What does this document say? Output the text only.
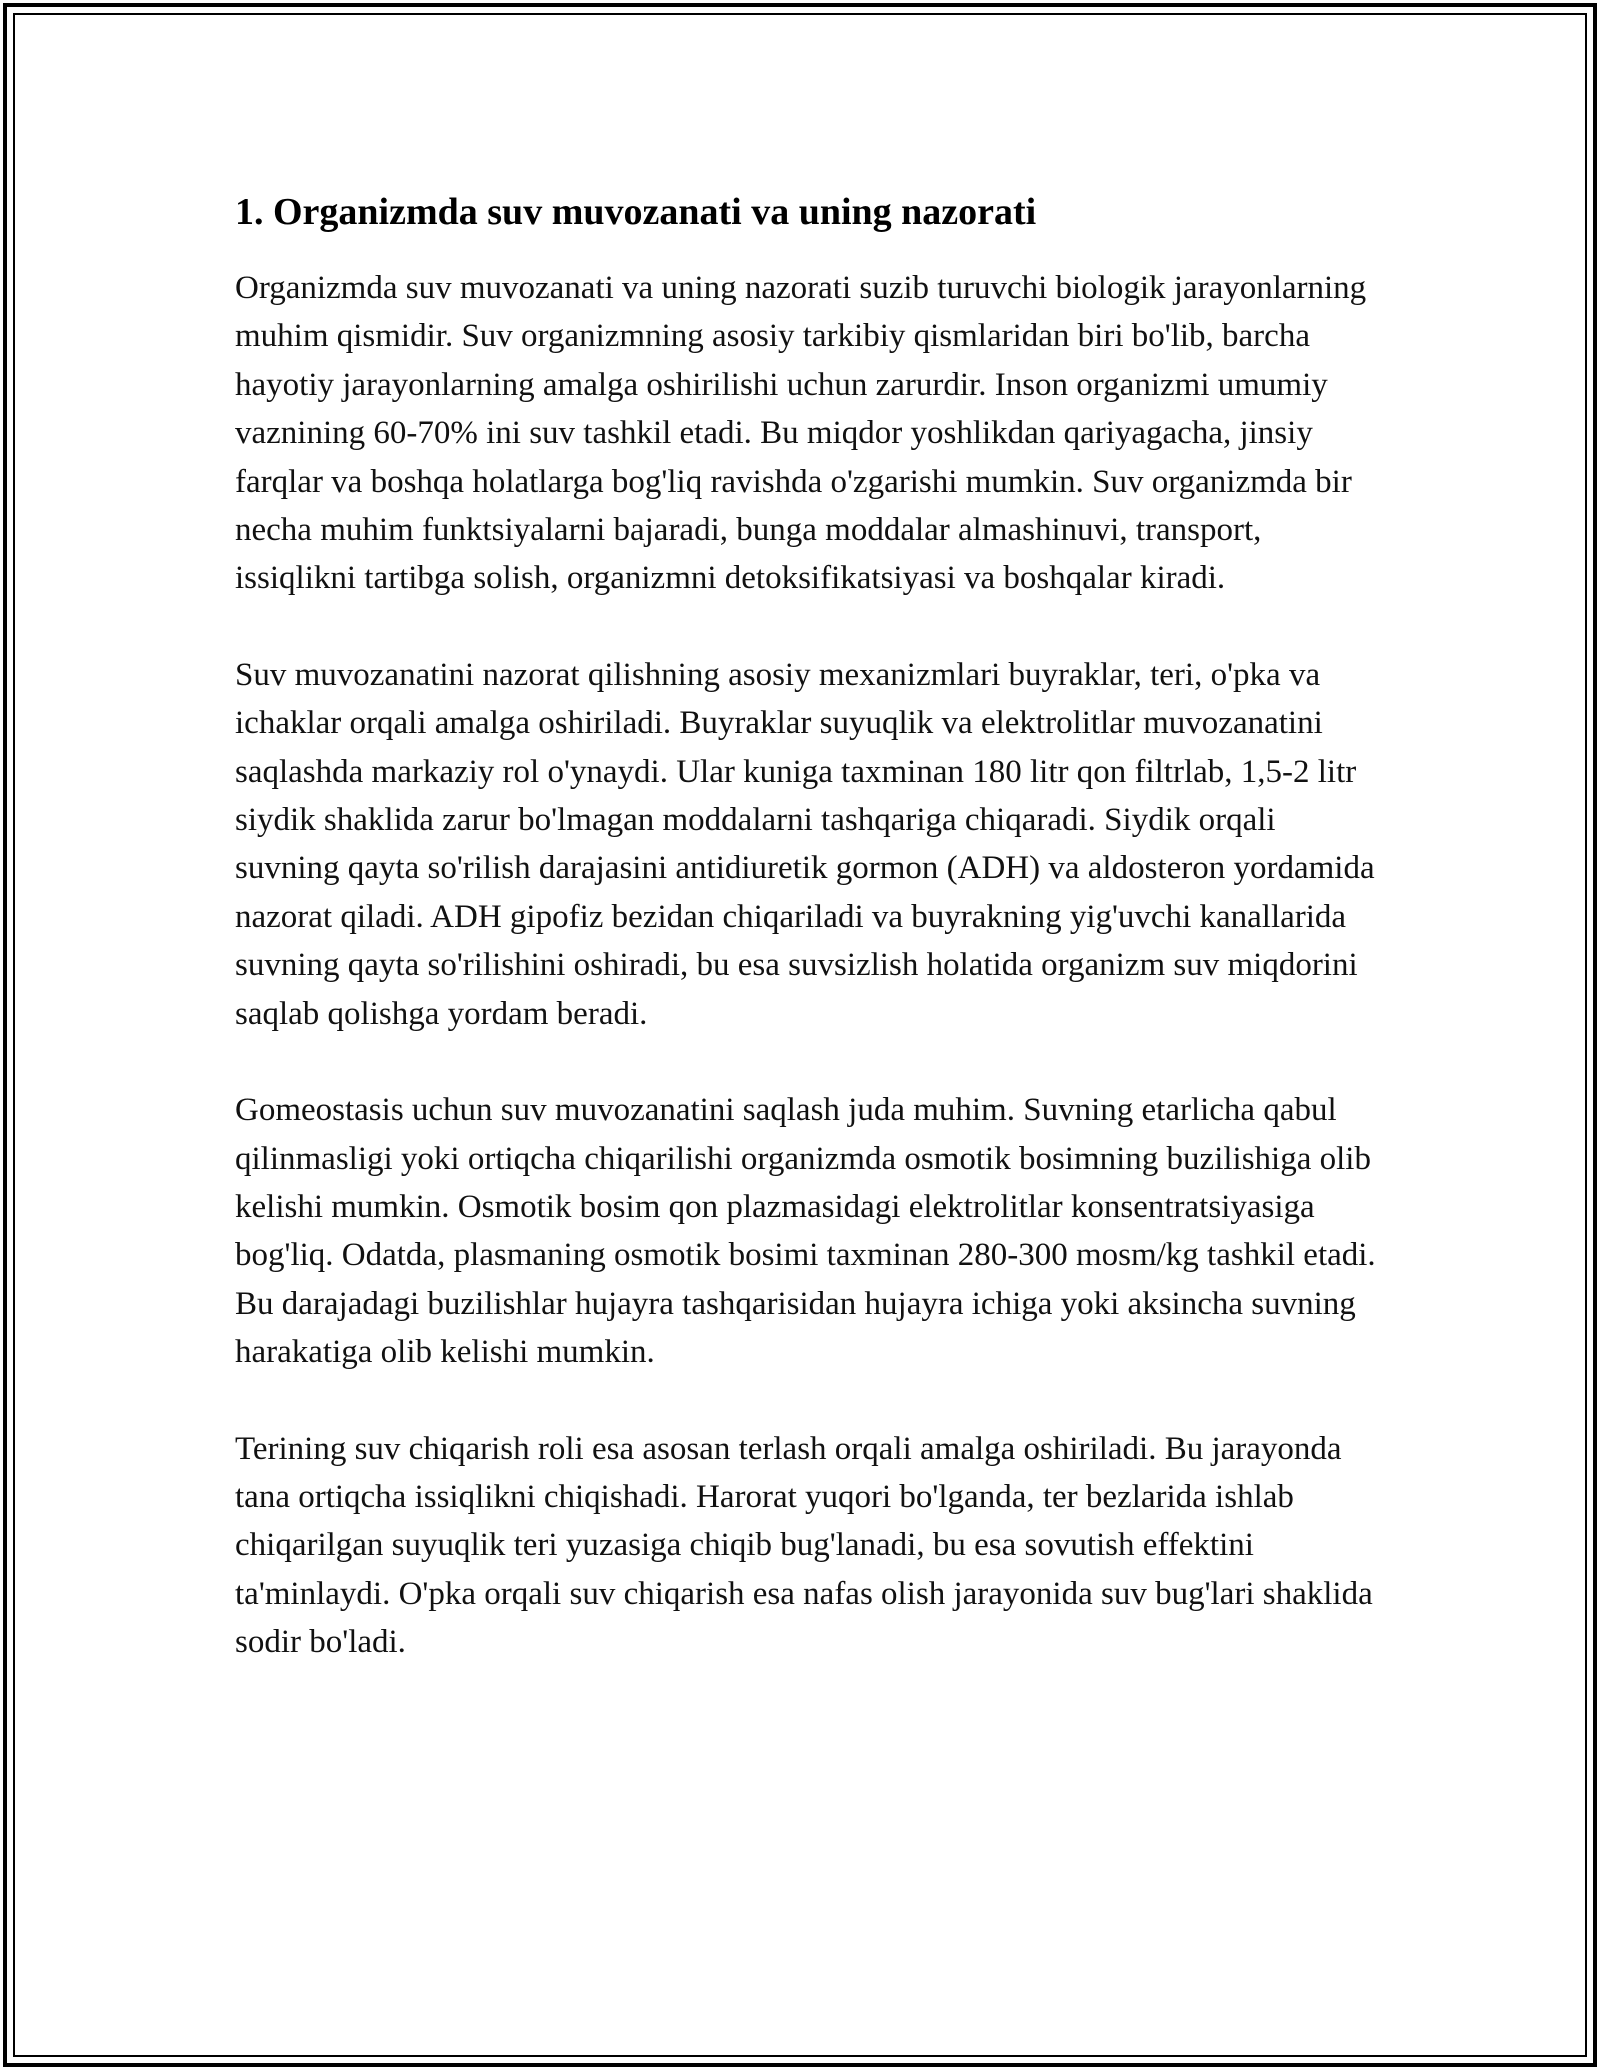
1. Organizmda suv muvozanati va uning nazorati

Organizmda suv muvozanati va uning nazorati suzib turuvchi biologik jarayonlarning muhim qismidir. Suv organizmning asosiy tarkibiy qismlaridan biri bo'lib, barcha hayotiy jarayonlarning amalga oshirilishi uchun zarurdir. Inson organizmi umumiy vaznining 60-70% ini suv tashkil etadi. Bu miqdor yoshlikdan qariyagacha, jinsiy farqlar va boshqa holatlarga bog'liq ravishda o'zgarishi mumkin. Suv organizmda bir necha muhim funktsiyalarni bajaradi, bunga moddalar almashinuvi, transport, issiqlikni tartibga solish, organizmni detoksifikatsiyasi va boshqalar kiradi.

Suv muvozanatini nazorat qilishning asosiy mexanizmlari buyraklar, teri, o'pka va ichaklar orqali amalga oshiriladi. Buyraklar suyuqlik va elektrolitlar muvozanatini saqlashda markaziy rol o'ynaydi. Ular kuniga taxminan 180 litr qon filtrlab, 1,5-2 litr siydik shaklida zarur bo'lmagan moddalarni tashqariga chiqaradi. Siydik orqali suvning qayta so'rilish darajasini antidiuretik gormon (ADH) va aldosteron yordamida nazorat qiladi. ADH gipofiz bezidan chiqariladi va buyrakning yig'uvchi kanallarida suvning qayta so'rilishini oshiradi, bu esa suvsizlish holatida organizm suv miqdorini saqlab qolishga yordam beradi.

Gomeostasis uchun suv muvozanatini saqlash juda muhim. Suvning etarlicha qabul qilinmasligi yoki ortiqcha chiqarilishi organizmda osmotik bosimning buzilishiga olib kelishi mumkin. Osmotik bosim qon plazmasidagi elektrolitlar konsentratsiyasiga bog'liq. Odatda, plasmaning osmotik bosimi taxminan 280-300 mosm/kg tashkil etadi. Bu darajadagi buzilishlar hujayra tashqarisidan hujayra ichiga yoki aksincha suvning harakatiga olib kelishi mumkin.

Terining suv chiqarish roli esa asosan terlash orqali amalga oshiriladi. Bu jarayonda tana ortiqcha issiqlikni chiqishadi. Harorat yuqori bo'lganda, ter bezlarida ishlab chiqarilgan suyuqlik teri yuzasiga chiqib bug'lanadi, bu esa sovutish effektini ta'minlaydi. O'pka orqali suv chiqarish esa nafas olish jarayonida suv bug'lari shaklida sodir bo'ladi.
